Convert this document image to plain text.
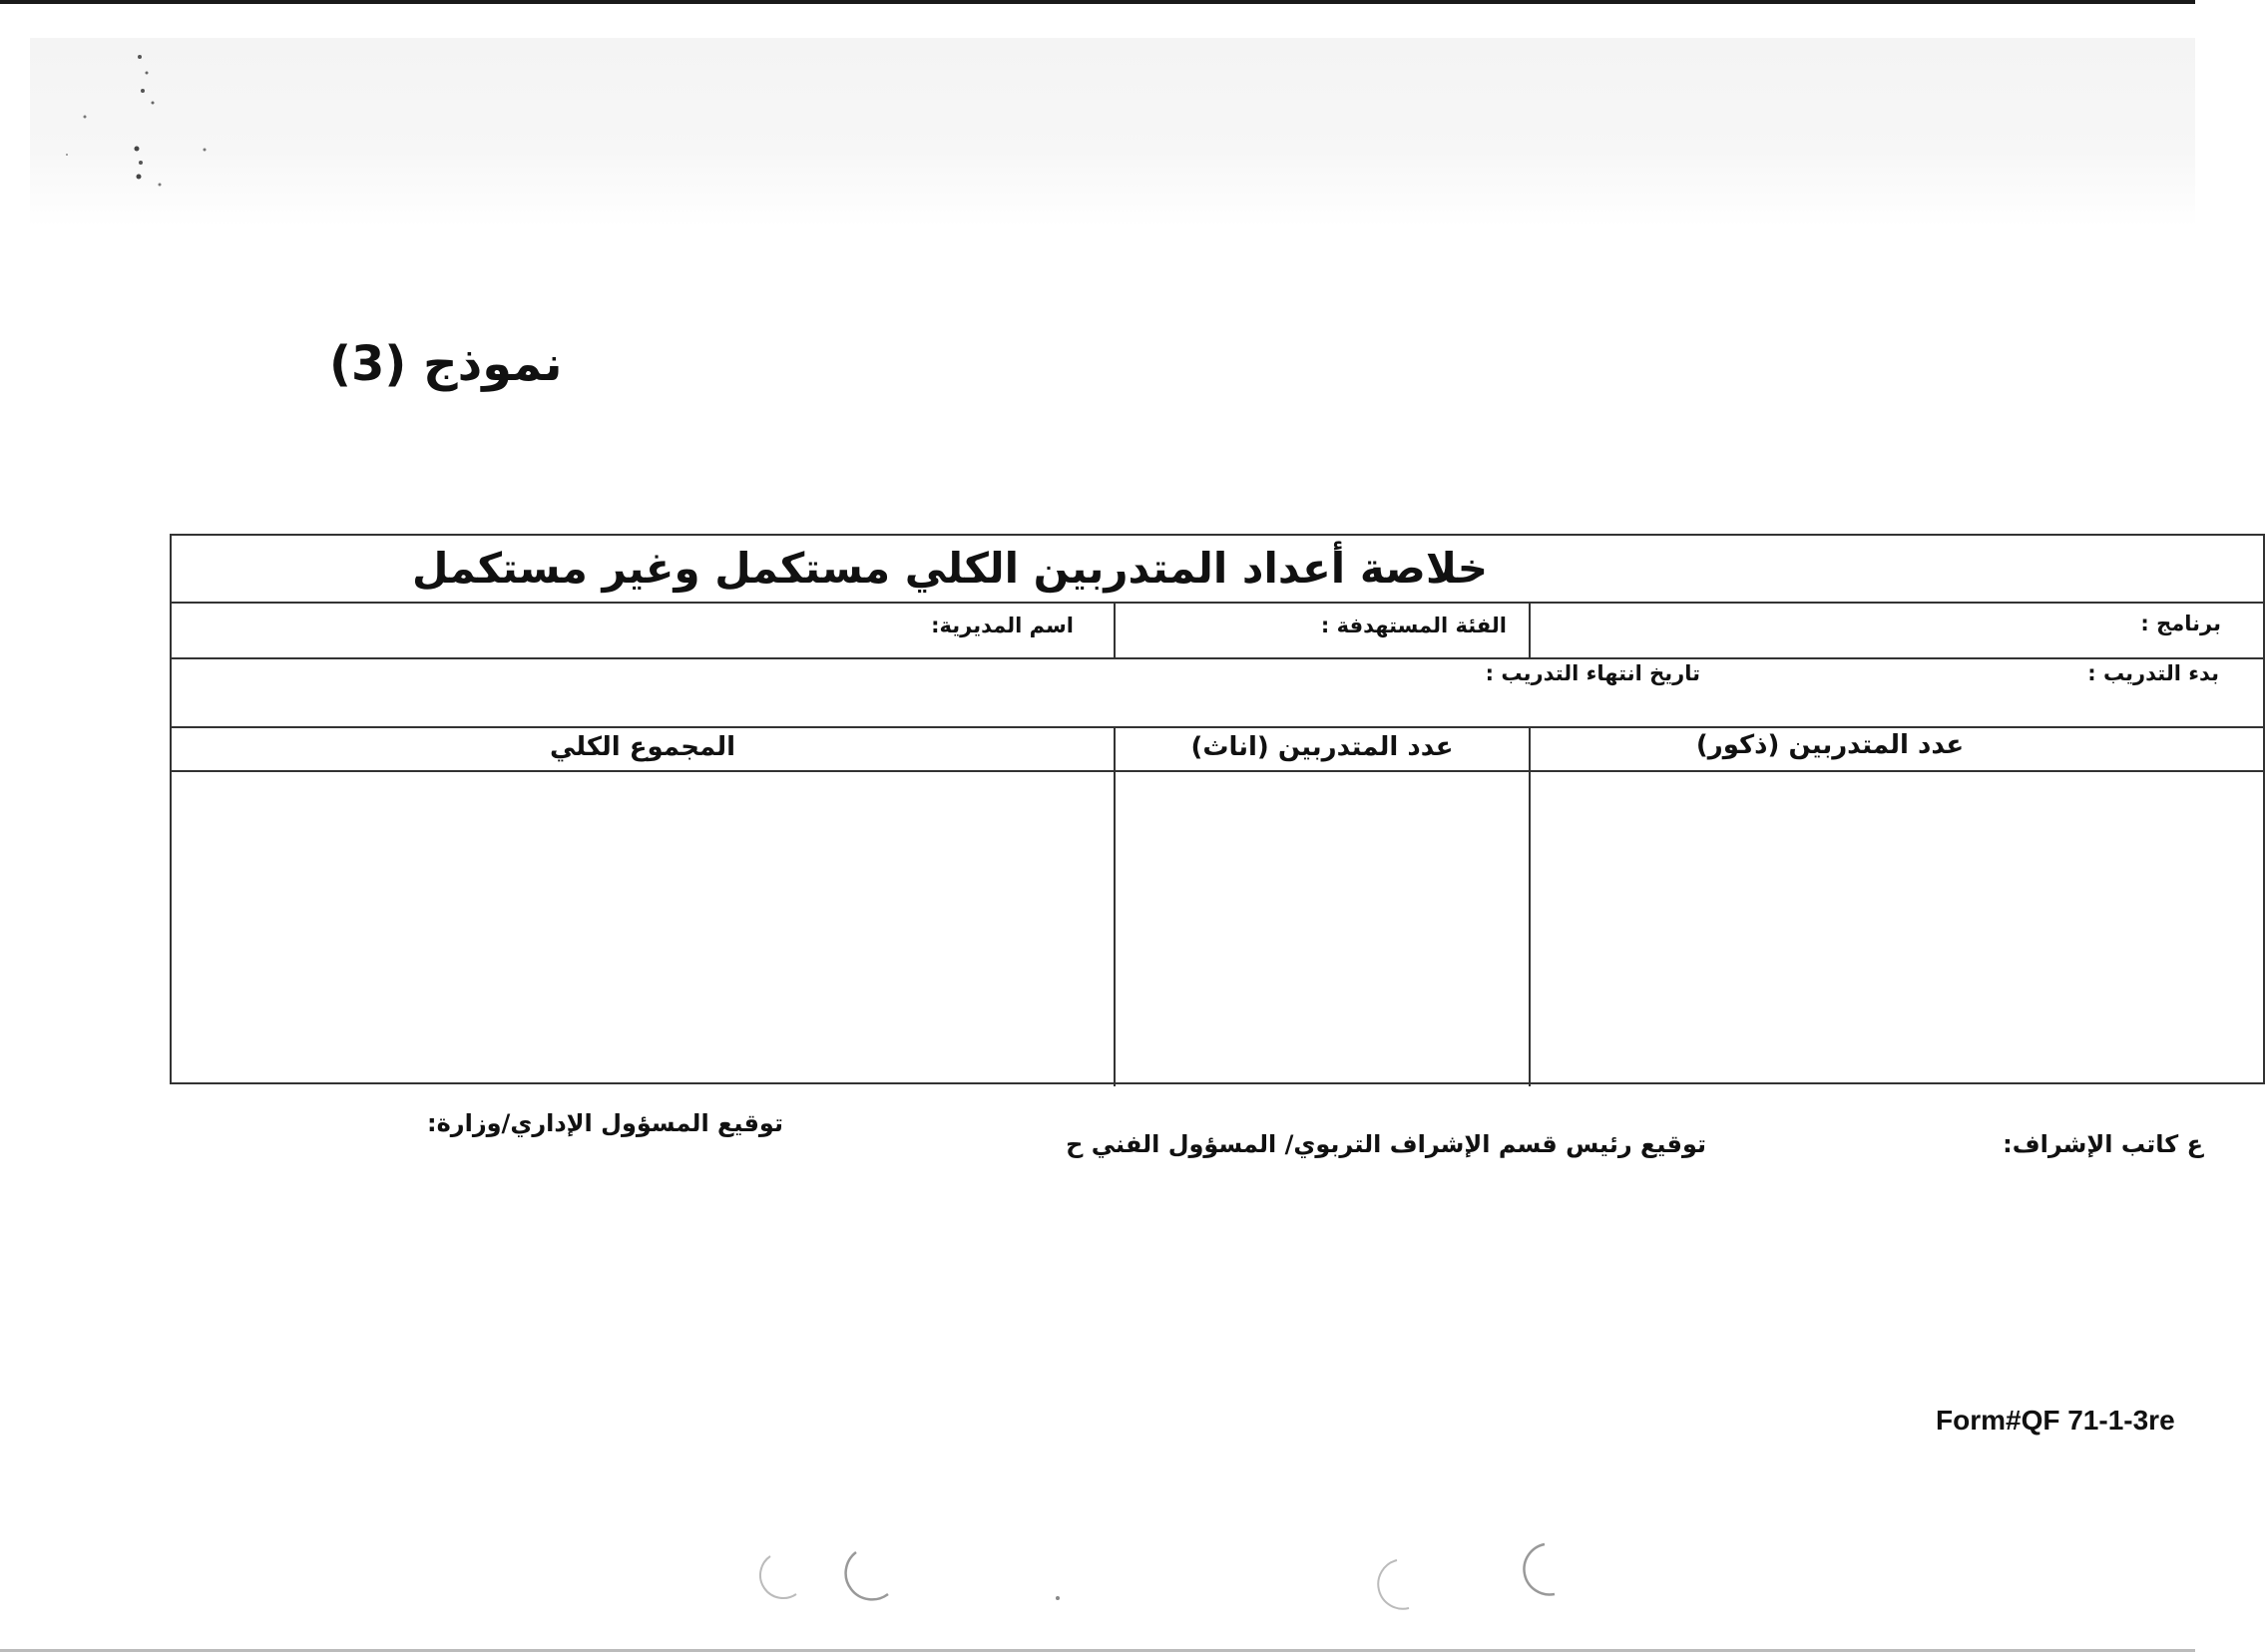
نموذج (3)
خلاصة أعداد المتدربين الكلي مستكمل وغير مستكمل
اسم المديرية:	الفئة المستهدفة :	برنامج :
تاريخ انتهاء التدريب :	بدء التدريب :
المجموع الكلي	عدد المتدربين (اناث)	عدد المتدربين (ذكور)
توقيع المسؤول الإداري/وزارة:
توقيع رئيس قسم الإشراف التربوي/ المسؤول الفني ح	ع كاتب الإشراف:
Form#QF 71-1-3re
